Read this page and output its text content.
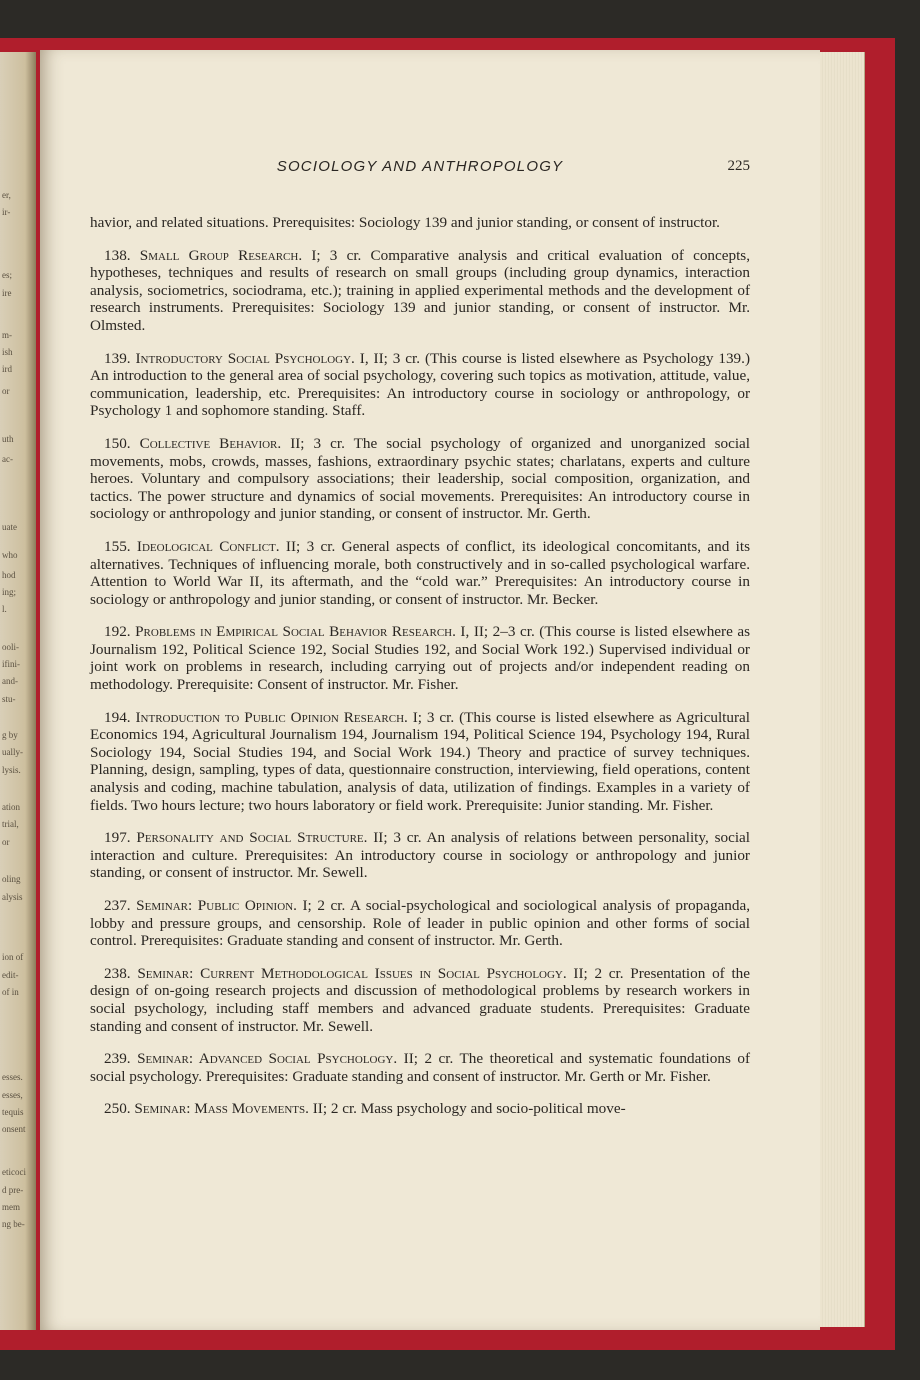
er,
ir-
es;
ire
m-
ish
ird
or
uth
ac-
uate
who
hod
ing;
l.
ooli-
ifini-
and-
stu-
g by
ually-
lysis.
ation
trial,
or
oling
alysis
ion of
edit-
of in
esses.
esses,
tequis
onsent
eticoci
d pre-
mem
ng be-
SOCIOLOGY AND ANTHROPOLOGY	225

havior, and related situations. Prerequisites: Sociology 139 and junior standing, or consent of instructor.

138. Small Group Research. I; 3 cr. Comparative analysis and critical evaluation of concepts, hypotheses, techniques and results of research on small groups (including group dynamics, interaction analysis, sociometrics, sociodrama, etc.); training in applied experimental methods and the development of research instruments. Prerequisites: Sociology 139 and junior standing, or consent of instructor. Mr. Olmsted.

139. Introductory Social Psychology. I, II; 3 cr. (This course is listed elsewhere as Psychology 139.) An introduction to the general area of social psychology, covering such topics as motivation, attitude, value, communication, leadership, etc. Prerequisites: An introductory course in sociology or anthropology, or Psychology 1 and sophomore standing. Staff.

150. Collective Behavior. II; 3 cr. The social psychology of organized and unorganized social movements, mobs, crowds, masses, fashions, extraordinary psychic states; charlatans, experts and culture heroes. Voluntary and compulsory associations; their leadership, social composition, organization, and tactics. The power structure and dynamics of social movements. Prerequisites: An introductory course in sociology or anthropology and junior standing, or consent of instructor. Mr. Gerth.

155. Ideological Conflict. II; 3 cr. General aspects of conflict, its ideological concomitants, and its alternatives. Techniques of influencing morale, both constructively and in so-called psychological warfare. Attention to World War II, its aftermath, and the “cold war.” Prerequisites: An introductory course in sociology or anthropology and junior standing, or consent of instructor. Mr. Becker.

192. Problems in Empirical Social Behavior Research. I, II; 2–3 cr. (This course is listed elsewhere as Journalism 192, Political Science 192, Social Studies 192, and Social Work 192.) Supervised individual or joint work on problems in research, including carrying out of projects and/or independent reading on methodology. Prerequisite: Consent of instructor. Mr. Fisher.

194. Introduction to Public Opinion Research. I; 3 cr. (This course is listed elsewhere as Agricultural Economics 194, Agricultural Journalism 194, Journalism 194, Political Science 194, Psychology 194, Rural Sociology 194, Social Studies 194, and Social Work 194.) Theory and practice of survey techniques. Planning, design, sampling, types of data, questionnaire construction, interviewing, field operations, content analysis and coding, machine tabulation, analysis of data, utilization of findings. Examples in a variety of fields. Two hours lecture; two hours laboratory or field work. Prerequisite: Junior standing. Mr. Fisher.

197. Personality and Social Structure. II; 3 cr. An analysis of relations between personality, social interaction and culture. Prerequisites: An introductory course in sociology or anthropology and junior standing, or consent of instructor. Mr. Sewell.

237. Seminar: Public Opinion. I; 2 cr. A social-psychological and sociological analysis of propaganda, lobby and pressure groups, and censorship. Role of leader in public opinion and other forms of social control. Prerequisites: Graduate standing and consent of instructor. Mr. Gerth.

238. Seminar: Current Methodological Issues in Social Psychology. II; 2 cr. Presentation of the design of on-going research projects and discussion of methodological problems by research workers in social psychology, including staff members and advanced graduate students. Prerequisites: Graduate standing and consent of instructor. Mr. Sewell.

239. Seminar: Advanced Social Psychology. II; 2 cr. The theoretical and systematic foundations of social psychology. Prerequisites: Graduate standing and consent of instructor. Mr. Gerth or Mr. Fisher.

250. Seminar: Mass Movements. II; 2 cr. Mass psychology and socio-political move-
